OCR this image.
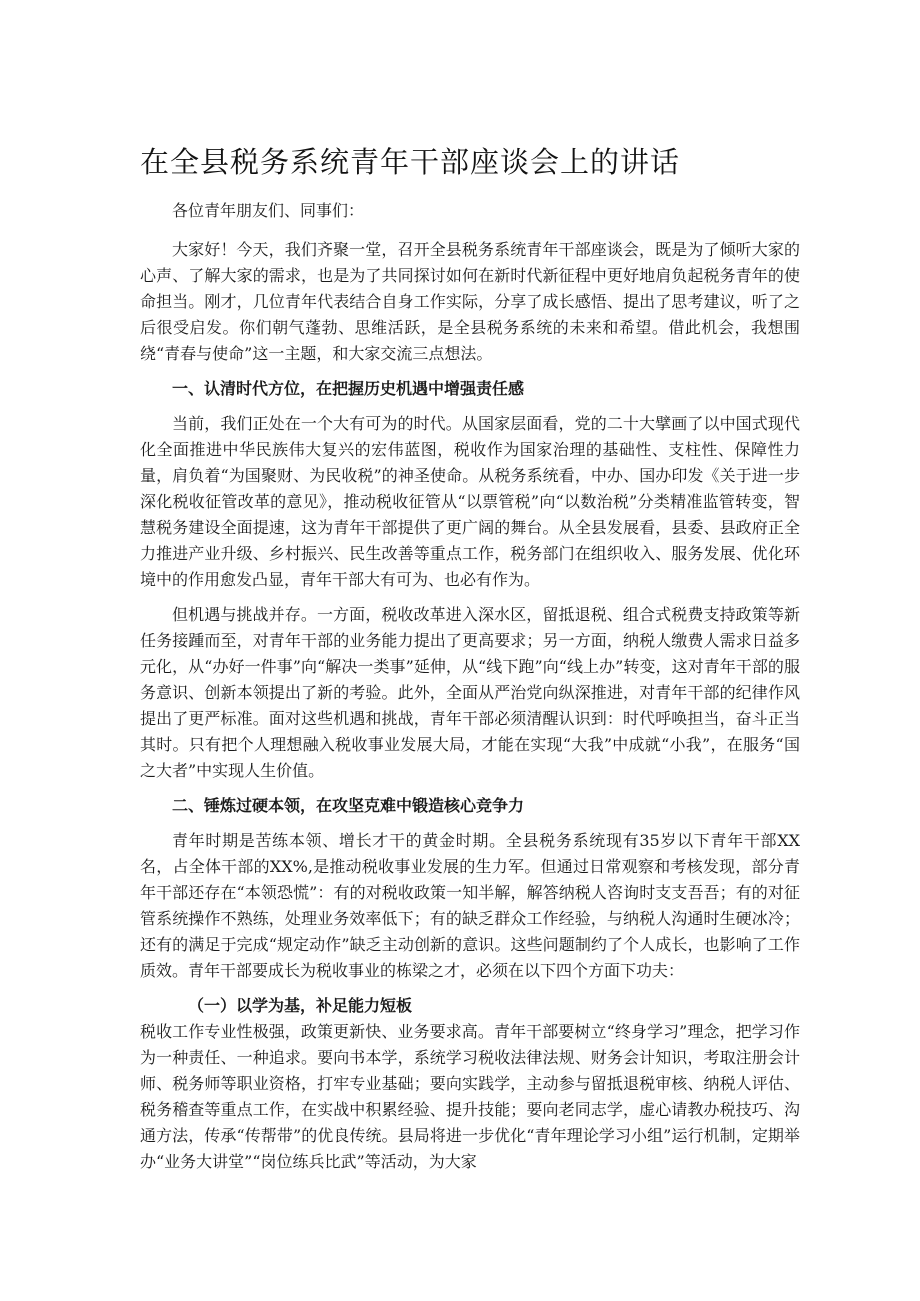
在全县税务系统青年干部座谈会上的讲话

各位青年朋友们、同事们：

大家好！今天，我们齐聚一堂，召开全县税务系统青年干部座谈会，既是为了倾听大家的心声、了解大家的需求，也是为了共同探讨如何在新时代新征程中更好地肩负起税务青年的使命担当。刚才，几位青年代表结合自身工作实际，分享了成长感悟、提出了思考建议，听了之后很受启发。你们朝气蓬勃、思维活跃，是全县税务系统的未来和希望。借此机会，我想围绕“青春与使命”这一主题，和大家交流三点想法。

一、认清时代方位，在把握历史机遇中增强责任感

当前，我们正处在一个大有可为的时代。从国家层面看，党的二十大擘画了以中国式现代化全面推进中华民族伟大复兴的宏伟蓝图，税收作为国家治理的基础性、支柱性、保障性力量，肩负着“为国聚财、为民收税”的神圣使命。从税务系统看，中办、国办印发《关于进一步深化税收征管改革的意见》，推动税收征管从“以票管税”向“以数治税”分类精准监管转变，智慧税务建设全面提速，这为青年干部提供了更广阔的舞台。从全县发展看，县委、县政府正全力推进产业升级、乡村振兴、民生改善等重点工作，税务部门在组织收入、服务发展、优化环境中的作用愈发凸显，青年干部大有可为、也必有作为。

但机遇与挑战并存。一方面，税收改革进入深水区，留抵退税、组合式税费支持政策等新任务接踵而至，对青年干部的业务能力提出了更高要求；另一方面，纳税人缴费人需求日益多元化，从“办好一件事”向“解决一类事”延伸，从“线下跑”向“线上办”转变，这对青年干部的服务意识、创新本领提出了新的考验。此外，全面从严治党向纵深推进，对青年干部的纪律作风提出了更严标准。面对这些机遇和挑战，青年干部必须清醒认识到：时代呼唤担当，奋斗正当其时。只有把个人理想融入税收事业发展大局，才能在实现“大我”中成就“小我”，在服务“国之大者”中实现人生价值。

二、锤炼过硬本领，在攻坚克难中锻造核心竞争力

青年时期是苦练本领、增长才干的黄金时期。全县税务系统现有35岁以下青年干部XX名，占全体干部的XX%,是推动税收事业发展的生力军。但通过日常观察和考核发现，部分青年干部还存在“本领恐慌”：有的对税收政策一知半解，解答纳税人咨询时支支吾吾；有的对征管系统操作不熟练，处理业务效率低下；有的缺乏群众工作经验，与纳税人沟通时生硬冰冷；还有的满足于完成“规定动作”缺乏主动创新的意识。这些问题制约了个人成长，也影响了工作质效。青年干部要成长为税收事业的栋梁之才，必须在以下四个方面下功夫：

（一）以学为基，补足能力短板

税收工作专业性极强，政策更新快、业务要求高。青年干部要树立“终身学习”理念，把学习作为一种责任、一种追求。要向书本学，系统学习税收法律法规、财务会计知识，考取注册会计师、税务师等职业资格，打牢专业基础；要向实践学，主动参与留抵退税审核、纳税人评估、税务稽查等重点工作，在实战中积累经验、提升技能；要向老同志学，虚心请教办税技巧、沟通方法，传承“传帮带”的优良传统。县局将进一步优化“青年理论学习小组”运行机制，定期举办“业务大讲堂”“岗位练兵比武”等活动，为大家
